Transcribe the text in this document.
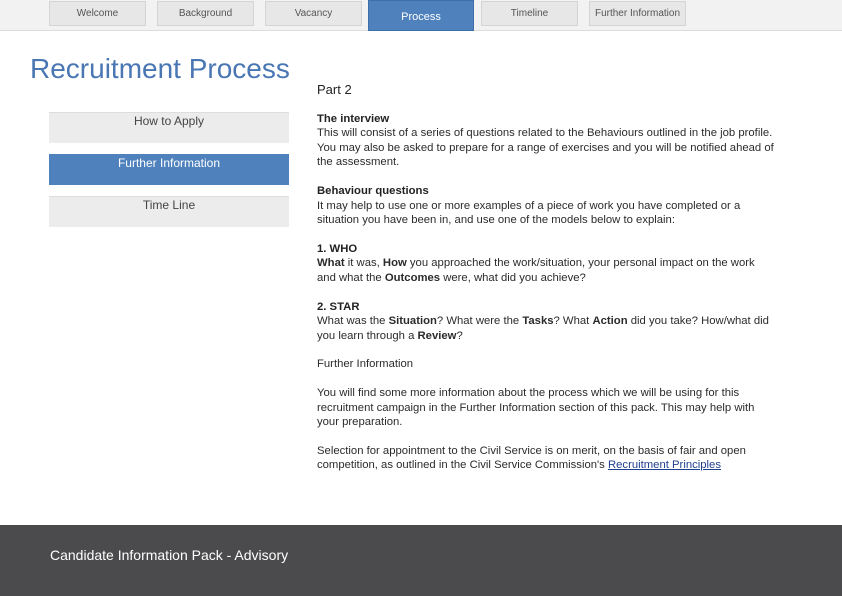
Welcome	Background	Vacancy	Process	Timeline	Further Information
Recruitment Process
How to Apply
Further Information
Time Line
Part 2
The interview
This will consist of a series of questions related to the Behaviours outlined in the job profile.
You may also be asked to prepare for a range of exercises and you will be notified ahead of
the assessment.
Behaviour questions
It may help to use one or more examples of a piece of work you have completed or a
situation you have been in, and use one of the models below to explain:
1. WHO
What it was, How you approached the work/situation, your personal impact on the work
and what the Outcomes were, what did you achieve?
2. STAR
What was the Situation? What were the Tasks? What Action did you take? How/what did
you learn through a Review?
Further Information
You will find some more information about the process which we will be using for this
recruitment campaign in the Further Information section of this pack. This may help with
your preparation.
Selection for appointment to the Civil Service is on merit, on the basis of fair and open
competition, as outlined in the Civil Service Commission's Recruitment Principles
Candidate Information Pack - Advisory
